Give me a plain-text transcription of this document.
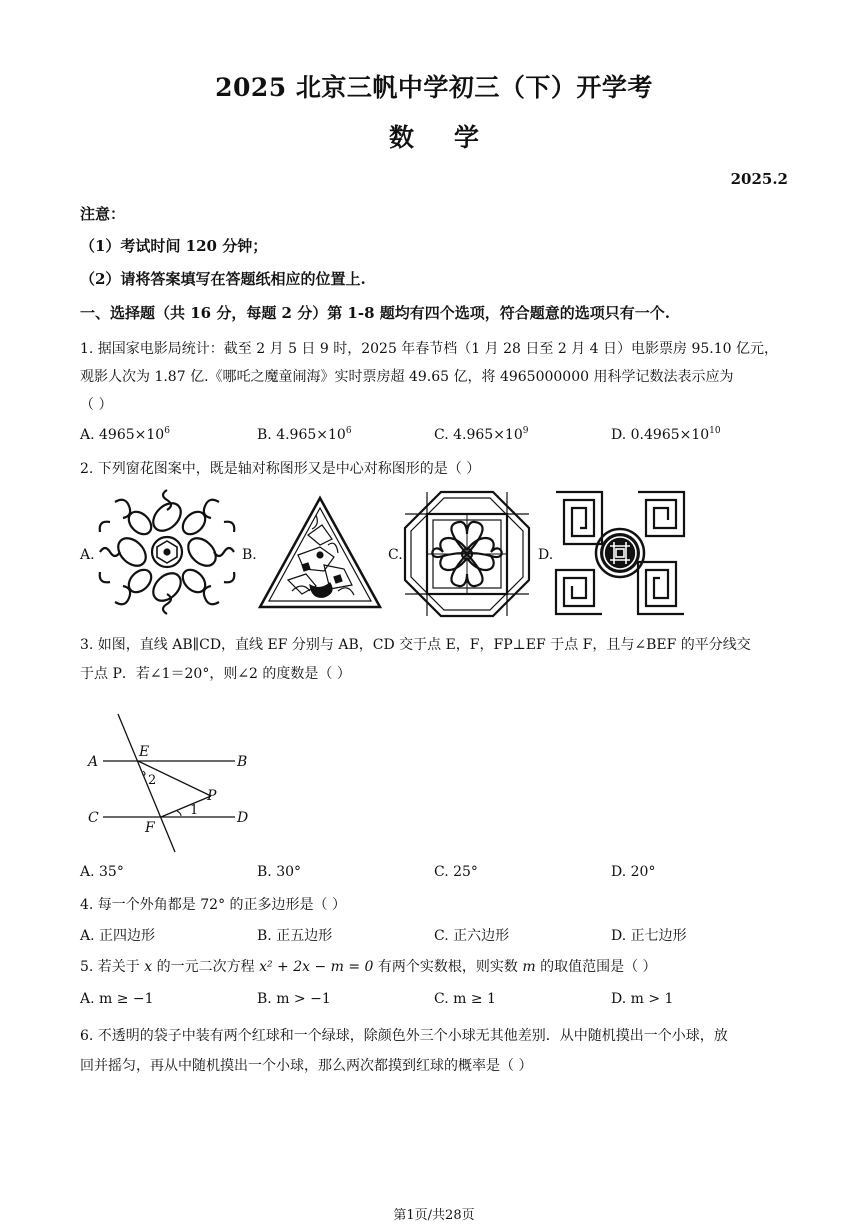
2025 北京三帆中学初三（下）开学考
数学
2025.2
注意：
（1）考试时间 120 分钟；
（2）请将答案填写在答题纸相应的位置上.
一、选择题（共 16 分，每题 2 分）第 1-8 题均有四个选项，符合题意的选项只有一个.
1. 据国家电影局统计：截至 2 月 5 日 9 时，2025 年春节档（1 月 28 日至 2 月 4 日）电影票房 95.10 亿元，
观影人次为 1.87 亿.《哪吒之魔童闹海》实时票房超 49.65 亿，将 4965000000 用科学记数法表示应为
（ ）
A. $4965\times 10^6$	B. $4.965\times 10^6$	C. $4.965\times 10^9$	D. $0.4965\times 10^{10}$
2. 下列窗花图案中，既是轴对称图形又是中心对称图形的是（ ）
A.	B.	C.	D.
3. 如图，直线 AB∥CD，直线 EF 分别与 AB，CD 交于点 E，F，FP⊥EF 于点 F，且与∠BEF 的平分线交
于点 P．若∠1＝20°，则∠2 的度数是（ ）
A	B
C	D
E
F
P
1
2
A. 35°	B. 30°	C. 25°	D. 20°
4. 每一个外角都是 72° 的正多边形是（ ）
A. 正四边形	B. 正五边形	C. 正六边形	D. 正七边形
5. 若关于 x 的一元二次方程 x² + 2x − m = 0 有两个实数根，则实数 m 的取值范围是（ ）
A. m ≥ −1	B. m > −1	C. m ≥ 1	D. m > 1
6. 不透明的袋子中装有两个红球和一个绿球，除颜色外三个小球无其他差别．从中随机摸出一个小球，放
回并摇匀，再从中随机摸出一个小球，那么两次都摸到红球的概率是（ ）
第1页/共28页
